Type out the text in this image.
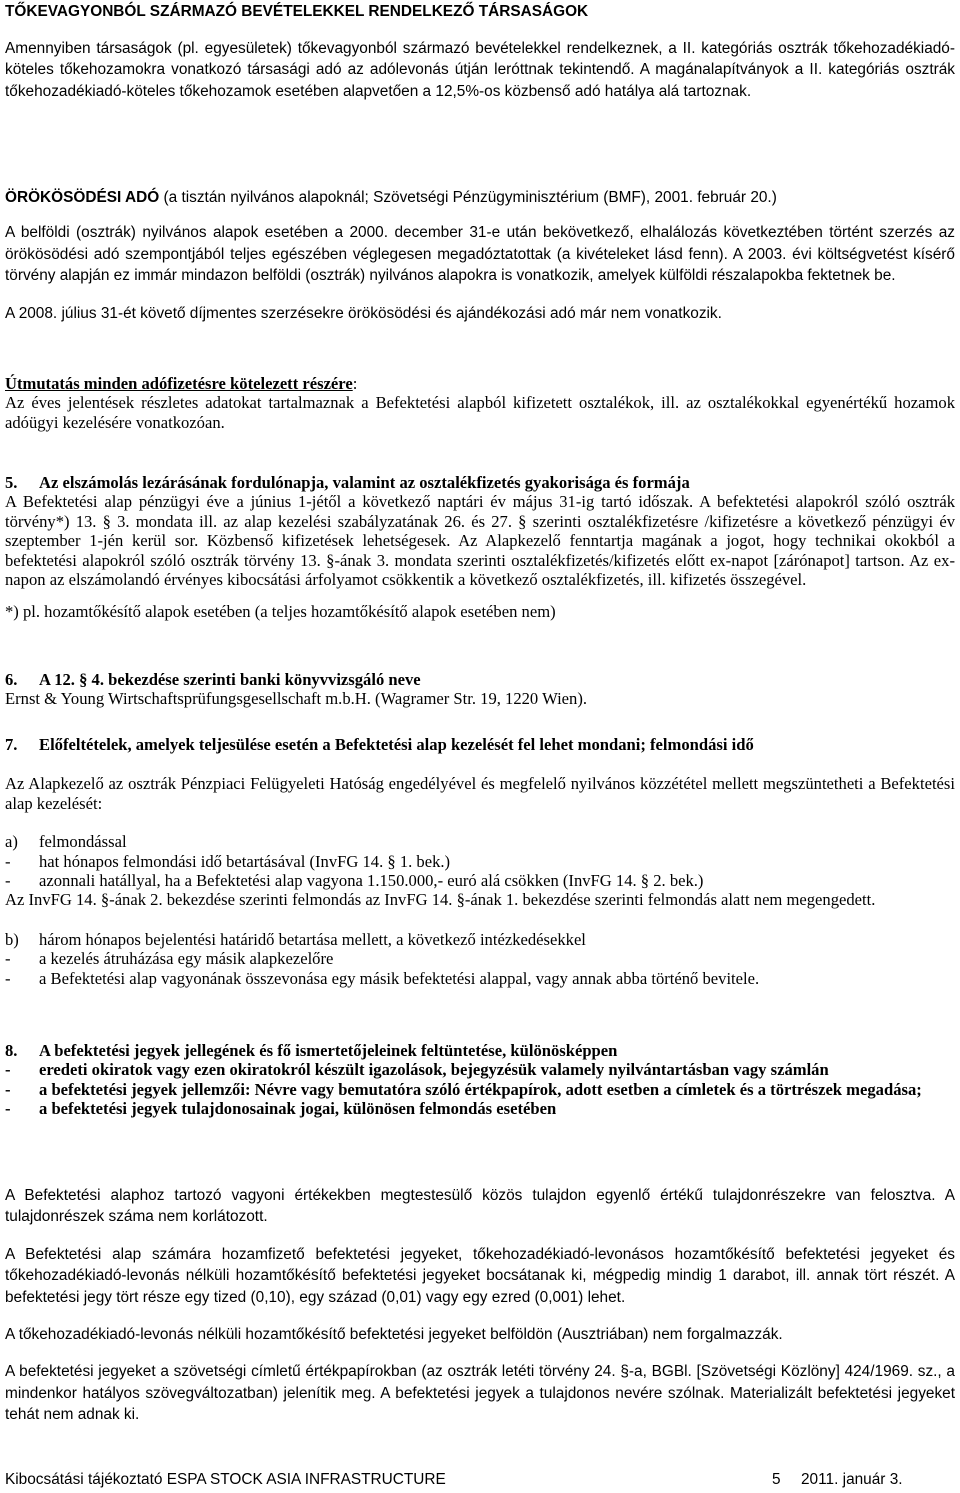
TŐKEVAGYONBÓL SZÁRMAZÓ BEVÉTELEKKEL RENDELKEZŐ TÁRSASÁGOK

Amennyiben társaságok (pl. egyesületek) tőkevagyonból származó bevételekkel rendelkeznek, a II. kategóriás osztrák tőkehozadékiadó-köteles tőkehozamokra vonatkozó társasági adó az adólevonás útján leróttnak tekintendő. A magánalapítványok a II. kategóriás osztrák tőkehozadékiadó-köteles tőkehozamok esetében alapvetően a 12,5%-os közbenső adó hatálya alá tartoznak.

ÖRÖKÖSÖDÉSI ADÓ (a tisztán nyilvános alapoknál; Szövetségi Pénzügyminisztérium (BMF), 2001. február 20.)

A belföldi (osztrák) nyilvános alapok esetében a 2000. december 31-e után bekövetkező, elhalálozás következtében történt szerzés az örökösödési adó szempontjából teljes egészében véglegesen megadóztatottak (a kivételeket lásd fenn). A 2003. évi költségvetést kísérő törvény alapján ez immár mindazon belföldi (osztrák) nyilvános alapokra is vonatkozik, amelyek külföldi részalapokba fektetnek be.

A 2008. július 31-ét követő díjmentes szerzésekre örökösödési és ajándékozási adó már nem vonatkozik.

Útmutatás minden adófizetésre kötelezett részére:

Az éves jelentések részletes adatokat tartalmaznak a Befektetési alapból kifizetett osztalékok, ill. az osztalékokkal egyenértékű hozamok adóügyi kezelésére vonatkozóan.

5.	Az elszámolás lezárásának fordulónapja, valamint az osztalékfizetés gyakorisága és formája

A Befektetési alap pénzügyi éve a június 1-jétől a következő naptári év május 31-ig tartó időszak. A befektetési alapokról szóló osztrák törvény*) 13. § 3. mondata ill. az alap kezelési szabályzatának 26. és 27. § szerinti osztalékfizetésre /kifizetésre a következő pénzügyi év szeptember 1-jén kerül sor. Közbenső kifizetések lehetségesek. Az Alapkezelő fenntartja magának a jogot, hogy technikai okokból a befektetési alapokról szóló osztrák törvény 13. §-ának 3. mondata szerinti osztalékfizetés/kifizetés előtt ex-napot [zárónapot] tartson. Az ex-napon az elszámolandó érvényes kibocsátási árfolyamot csökkentik a következő osztalékfizetés, ill. kifizetés összegével.

*) pl. hozamtőkésítő alapok esetében (a teljes hozamtőkésítő alapok esetében nem)

6.	A 12. § 4. bekezdése szerinti banki könyvvizsgáló neve

Ernst & Young Wirtschaftsprüfungsgesellschaft m.b.H. (Wagramer Str. 19, 1220 Wien).

7.	Előfeltételek, amelyek teljesülése esetén a Befektetési alap kezelését fel lehet mondani; felmondási idő

Az Alapkezelő az osztrák Pénzpiaci Felügyeleti Hatóság engedélyével és megfelelő nyilvános közzététel mellett megszüntetheti a Befektetési alap kezelését:

a)	felmondással
-	hat hónapos felmondási idő betartásával (InvFG 14. § 1. bek.)
-	azonnali hatállyal, ha a Befektetési alap vagyona 1.150.000,- euró alá csökken (InvFG 14. § 2. bek.)

Az InvFG 14. §-ának 2. bekezdése szerinti felmondás az InvFG 14. §-ának 1. bekezdése szerinti felmondás alatt nem megengedett.

b)	három hónapos bejelentési határidő betartása mellett, a következő intézkedésekkel
-	a kezelés átruházása egy másik alapkezelőre
-	a Befektetési alap vagyonának összevonása egy másik befektetési alappal, vagy annak abba történő bevitele.
8.	A befektetési jegyek jellegének és fő ismertetőjeleinek feltüntetése, különösképpen
-	eredeti okiratok vagy ezen okiratokról készült igazolások, bejegyzésük valamely nyilvántartásban vagy számlán
-	a befektetési jegyek jellemzői: Névre vagy bemutatóra szóló értékpapírok, adott esetben a címletek és a törtrészek megadása;
-	a befektetési jegyek tulajdonosainak jogai, különösen felmondás esetében

A Befektetési alaphoz tartozó vagyoni értékekben megtestesülő közös tulajdon egyenlő értékű tulajdonrészekre van felosztva. A tulajdonrészek száma nem korlátozott.

A Befektetési alap számára hozamfizető befektetési jegyeket, tőkehozadékiadó-levonásos hozamtőkésítő befektetési jegyeket és tőkehozadékiadó-levonás nélküli hozamtőkésítő befektetési jegyeket bocsátanak ki, mégpedig mindig 1 darabot, ill. annak tört részét. A befektetési jegy tört része egy tized (0,10), egy század (0,01) vagy egy ezred (0,001) lehet.

A tőkehozadékiadó-levonás nélküli hozamtőkésítő befektetési jegyeket belföldön (Ausztriában) nem forgalmazzák.

A befektetési jegyeket a szövetségi címletű értékpapírokban (az osztrák letéti törvény 24. §-a, BGBl. [Szövetségi Közlöny] 424/1969. sz., a mindenkor hatályos szövegváltozatban) jelenítik meg. A befektetési jegyek a tulajdonos nevére szólnak. Materializált befektetési jegyeket tehát nem adnak ki.

Kibocsátási tájékoztató ESPA STOCK ASIA INFRASTRUCTURE	5 2011. január 3.
